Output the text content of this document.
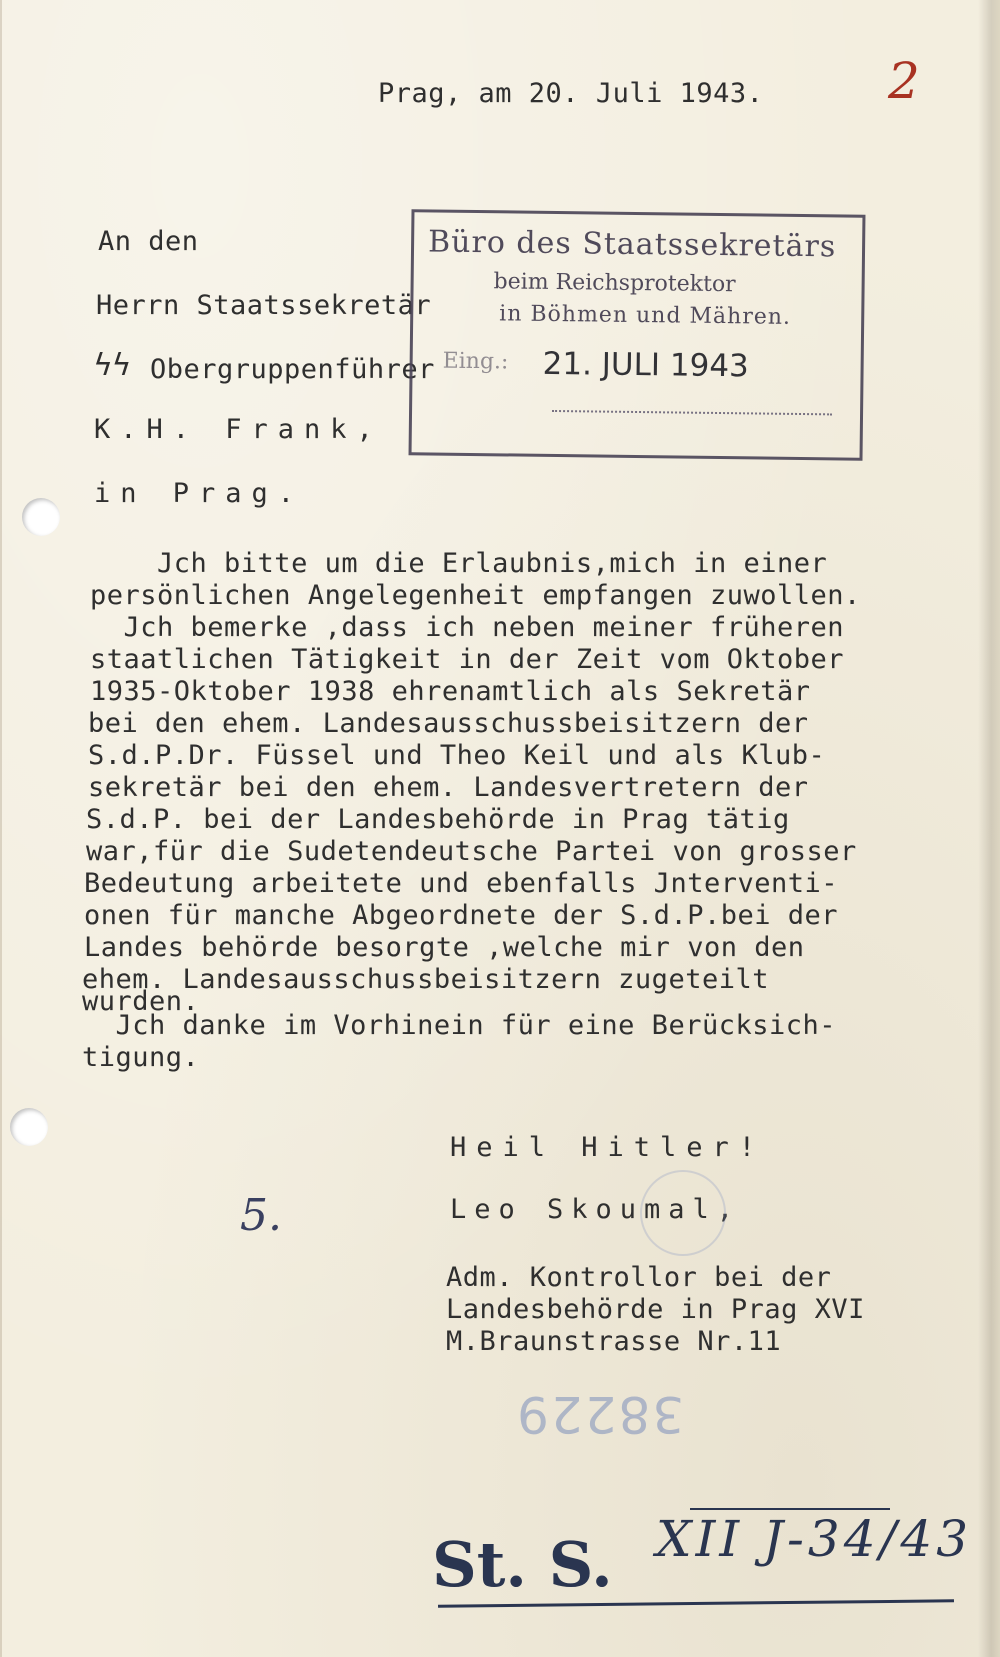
Prag, am 20. Juli 1943. 2
An den
Herrn Staatssekretär
ϟϟ Obergruppenführer
K.H. Frank,
in Prag.
Büro des Staatssekretärs
beim Reichsprotektor
in Böhmen und Mähren.
Eing.: 21. JULI 1943
Jch bitte um die Erlaubnis,mich in einer
persönlichen Angelegenheit empfangen zuwollen.
Jch bemerke ,dass ich neben meiner früheren
staatlichen Tätigkeit in der Zeit vom Oktober
1935-Oktober 1938 ehrenamtlich als Sekretär
bei den ehem. Landesausschussbeisitzern der
S.d.P.Dr. Füssel und Theo Keil und als Klub-
sekretär bei den ehem. Landesvertretern der
S.d.P. bei der Landesbehörde in Prag tätig
war,für die Sudetendeutsche Partei von grosser
Bedeutung arbeitete und ebenfalls Jnterventi-
onen für manche Abgeordnete der S.d.P.bei der
Landes behörde besorgte ,welche mir von den
ehem. Landesausschussbeisitzern zugeteilt
wurden.
Jch danke im Vorhinein für eine Berücksich-
tigung.
Heil Hitler!
Leo Skoumal,
Adm. Kontrollor bei der
Landesbehörde in Prag XVI
M.Braunstrasse Nr.11
5.
38229
St. S. XII J-34/43
